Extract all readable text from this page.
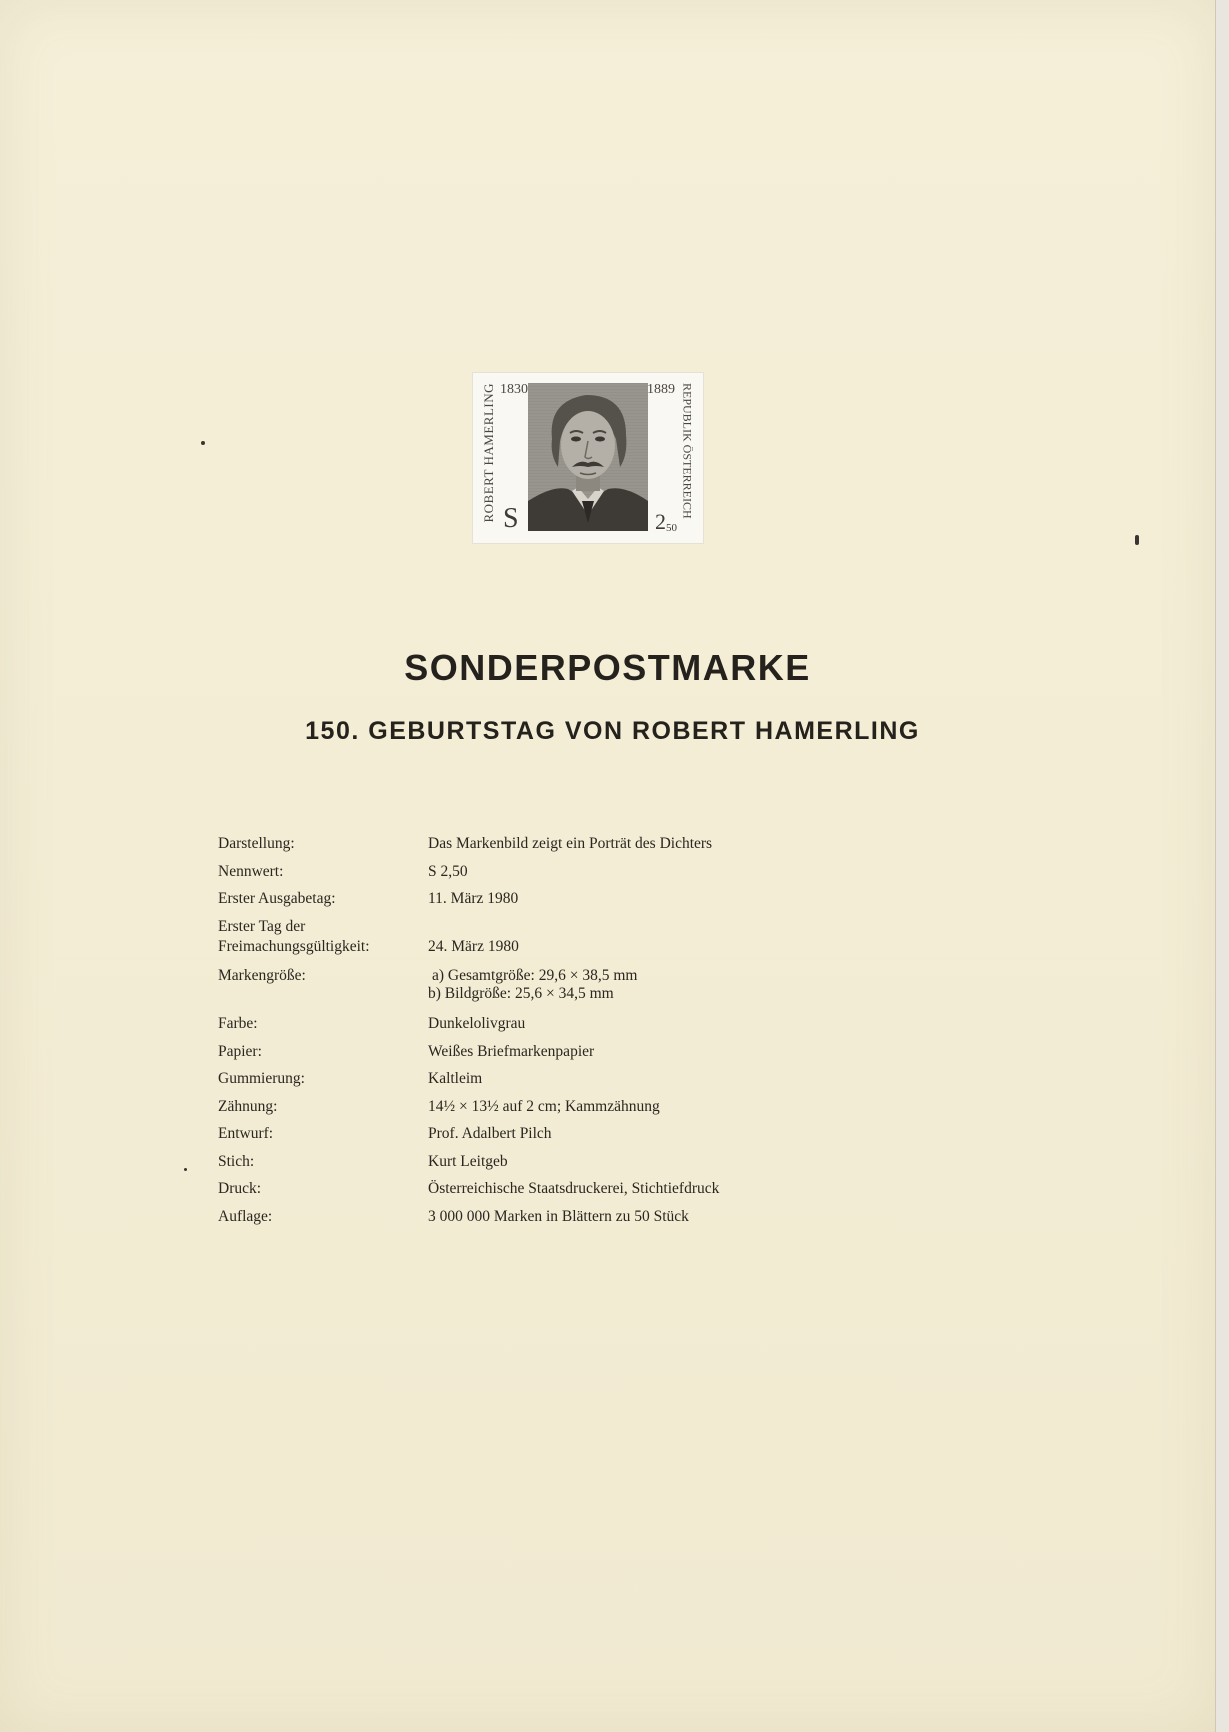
1830	1889
ROBERT HAMERLING	REPUBLIK ÖSTERREICH
S	$2_{50}$
SONDERPOSTMARKE
150. GEBURTSTAG VON ROBERT HAMERLING
Darstellung:	Das Markenbild zeigt ein Porträt des Dichters
Nennwert:	S 2,50
Erster Ausgabetag:	11. März 1980
Erster Tag der
Freimachungsgültigkeit:	24. März 1980
Markengröße:	a) Gesamtgröße: 29,6 × 38,5 mm
b) Bildgröße: 25,6 × 34,5 mm
Farbe:	Dunkelolivgrau
Papier:	Weißes Briefmarkenpapier
Gummierung:	Kaltleim
Zähnung:	14½ × 13½ auf 2 cm; Kammzähnung
Entwurf:	Prof. Adalbert Pilch
Stich:	Kurt Leitgeb
Druck:	Österreichische Staatsdruckerei, Stichtiefdruck
Auflage:	3 000 000 Marken in Blättern zu 50 Stück
